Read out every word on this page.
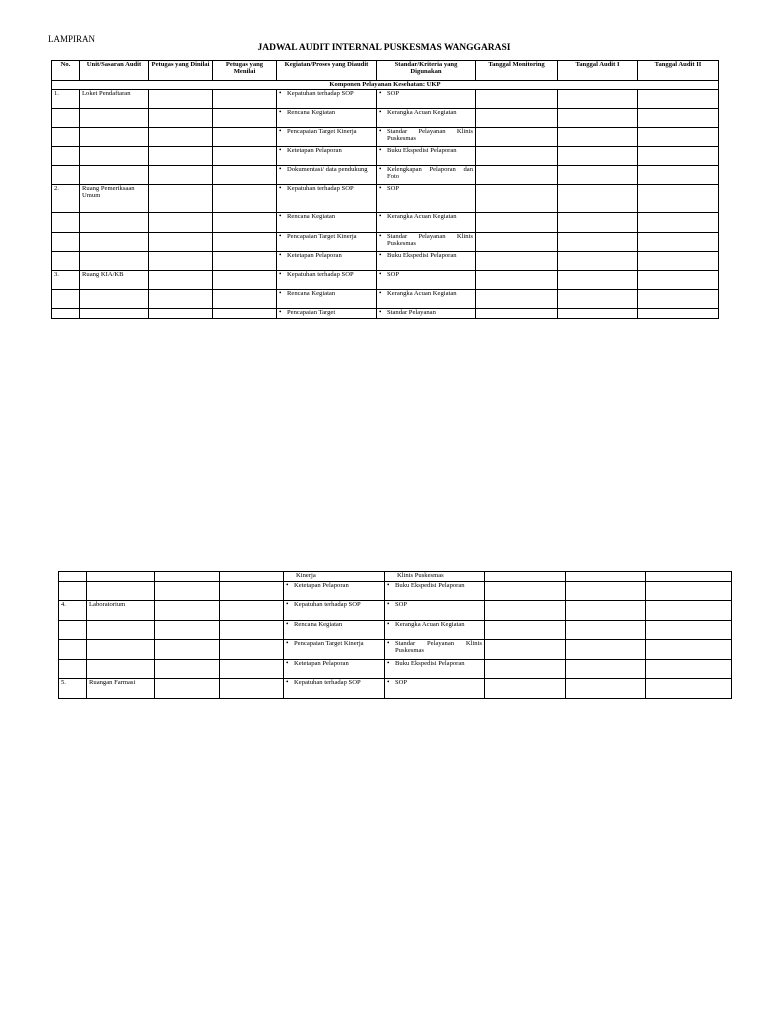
LAMPIRAN
JADWAL AUDIT INTERNAL PUSKESMAS WANGGARASI
No.	Unit/Sasaran Audit	Petugas yang Dinilai	Petugas yang Menilai	Kegiatan/Proses yang Diaudit	Standar/Kriteria yang Digunakan	Tanggal Monitoring	Tanggal Audit I	Tanggal Audit II
Komponen Pelayanan Kesehatan: UKP								
1.	Loket Pendaftaran			• Kepatuhan terhadap SOP	• SOP			

				• Rencana Kegiatan	• Kerangka Acuan Kegiatan			

				• Pencapaian Target Kinerja	• Standar Pelayanan Klinis Puskesmas			

				• Ketetapan Pelaporan	• Buku Ekspedisi Pelaporan			

				• Dokumentasi/ data pendukung	• Kelengkapan Pelaporan dan Foto			

2.	Ruang Pemeriksaan Umum			• Kepatuhan terhadap SOP	• SOP			

				• Rencana Kegiatan	• Kerangka Acuan Kegiatan			

				• Pencapaian Target Kinerja	• Standar Pelayanan Klinis Puskesmas			

				• Ketetapan Pelaporan	• Buku Ekspedisi Pelaporan			

3.	Ruang KIA/KB			• Kepatuhan terhadap SOP	• SOP			

				• Rencana Kegiatan	• Kerangka Acuan Kegiatan			

				• Pencapaian Target	• Standar Pelayanan			

				Kinerja	Klinis Puskesmas			

				• Ketetapan Pelaporan	• Buku Ekspedisi Pelaporan			

4.	Laboratorium			• Kepatuhan terhadap SOP	• SOP			

				• Rencana Kegiatan	• Kerangka Acuan Kegiatan			

				• Pencapaian Target Kinerja	• Standar Pelayanan Klinis Puskesmas			

				• Ketetapan Pelaporan	• Buku Ekspedisi Pelaporan			

5.	Ruangan Farmasi			• Kepatuhan terhadap SOP	• SOP			
